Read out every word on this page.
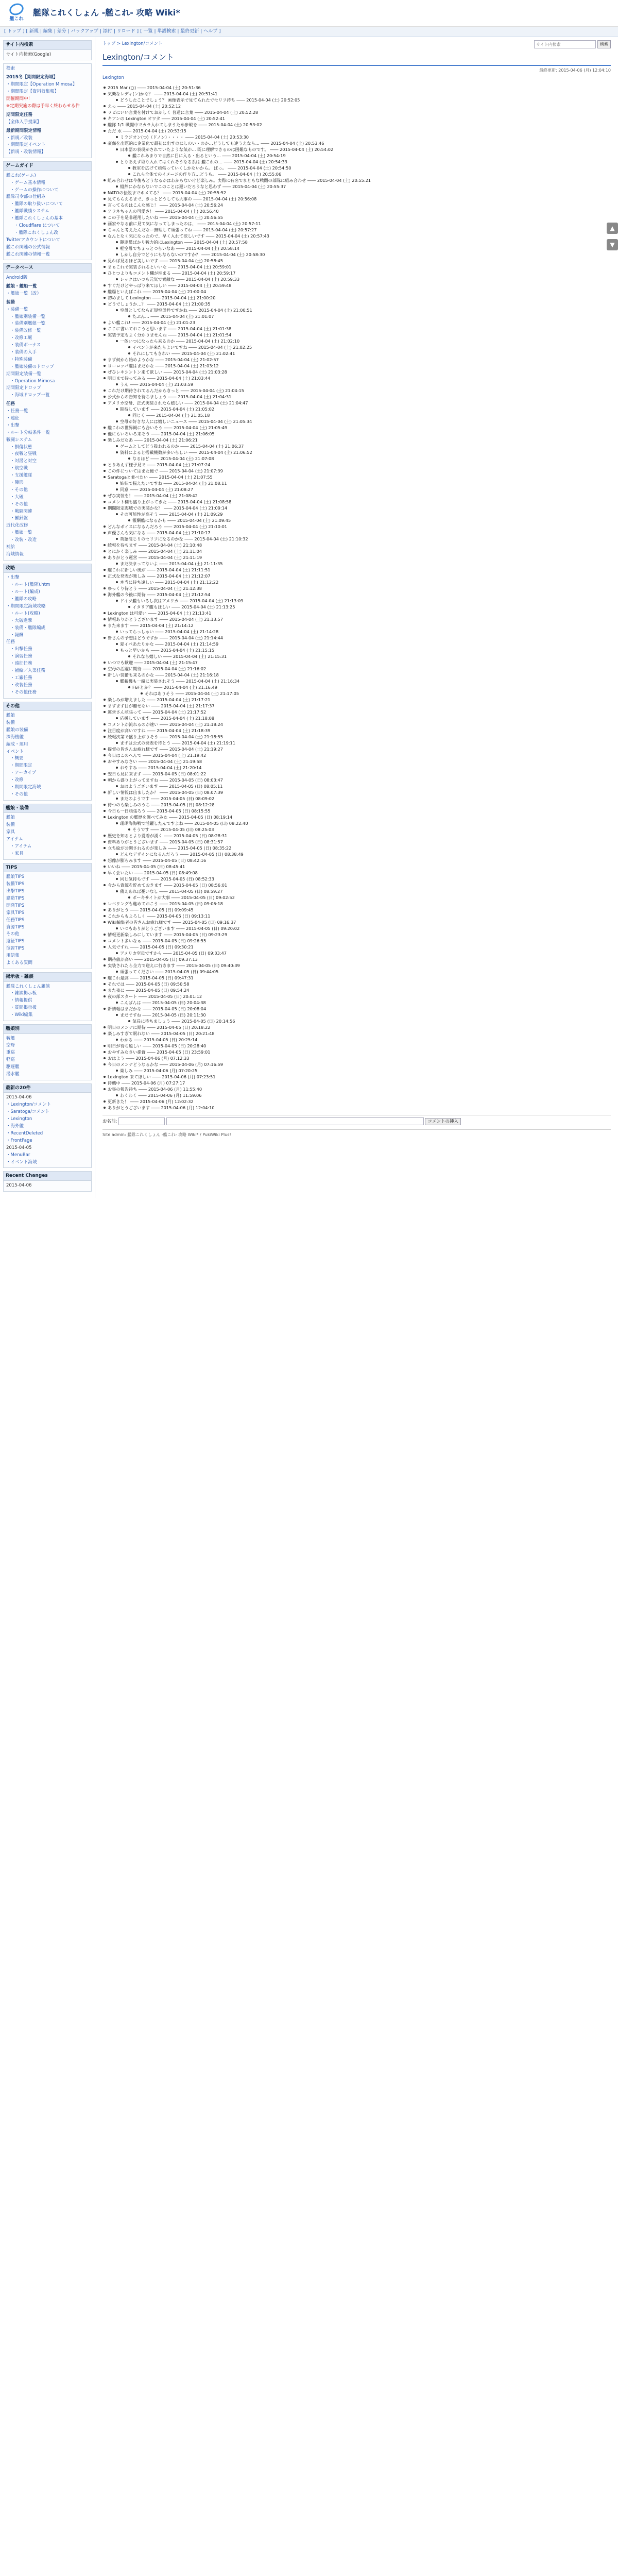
艦これ
艦隊これくしょん -艦これ- 攻略 Wiki*
[ トップ ] [ 新規 | 編集 | 差分 | バックアップ | 添付 | リロード ] [ 一覧 | 単語検索 | 最終更新 | ヘルプ ]
サイト内検索
サイト内検索(Google)
検索
2015冬【期間限定海域】
・期間限定【Operation Mimosa】
・期間限定【資料収集報】
開催期間中！
※定期実施の際は手早く終わらせる件
期間限定任務
【全体入手提案】
最新期間限定情報
・新規／改装
・期間限定イベント
【新規・改装情報】
ゲームガイド
艦これ(ゲーム)
・ゲーム基本情報
・ゲームの操作について
艦隊司令部の仕組み
・艦隊の取り扱いについて
・艦隊戦績システム
・艦隊これくしょんの基本
・Cloudflare について
・艦隊これくしょん改
Twitterアカウントについて
艦これ関連の公式情報
艦これ関連の情報一覧
データベース
Android版
艦娘・艦船一覧
・艦娘一覧（改）
装備
・装備一覧
・艦娘別装備一覧
・装備別艦娘一覧
・装備改修一覧
・改修工廠
・装備ボーナス
・装備の入手
・特殊装備
・艦娘装備のドロップ
期間限定装備一覧
・Operation Mimosa
期間限定ドロップ
・海域ドロップ一覧
任務
・任務一覧
・遠征
・出撃
・ルート分岐条件一覧
戦闘システム
・損傷状態
・夜戦と昼戦
・対潜と対空
・航空戦
・支援艦隊
・陣形
・その他
・大破
・その他
・戦闘関連
・羅針盤
近代化改修
・艦娘一覧
・改装・改造
補給
海域情報
攻略
・出撃
・ルート(艦隊).htm
・ルート(編成)
・艦隊の攻略
・期間限定海域攻略
・ルート(攻略)
・大破進撃
・装備・艦隊編成
・報酬
任務
・出撃任務
・演習任務
・遠征任務
・補給／入渠任務
・工廠任務
・改装任務
・その他任務
その他
艦娘
装備
艦娘の装備
深海棲艦
編成・運用
イベント
・概要
・期間限定
・アーカイブ
・改修
・期間限定海域
・その他
艦娘・装備
艦娘
装備
家具
アイテム
・アイテム
・家具
TIPS
艦娘TIPS
装備TIPS
出撃TIPS
建造TIPS
開発TIPS
家具TIPS
任務TIPS
資源TIPS
その他
遠征TIPS
演習TIPS
用語集
よくある質問
掲示板・雑談
艦隊これくしょん雑談
・雑談掲示板
・情報提供
・質問掲示板
・Wiki編集
艦娘別
戦艦
空母
重巡
軽巡
駆逐艦
潜水艦
最新の20件
2015-04-06
・Lexington/コメント
・Saratoga/コメント
・Lexington
・海外艦
・RecentDeleted
・FrontPage
2015-04-05
・MenuBar
・イベント海域
Recent Changes
2015-04-06
トップ > Lexington/コメント
サイト内検索	検索
Lexington/コメント
最終更新: 2015-04-06 (月) 12:04:10
Lexington
2015 Mar (○) ―― 2015-04-04 (土) 20:51:36
気楽なレディ(ン)かな？ ―― 2015-04-04 (土) 20:51:41
どうしたことでしょう？ 画像表示で見てられたでセリフ持ち ―― 2015-04-04 (土) 20:52:05
えっ ―― 2015-04-04 (土) 20:52:12
ラビにいい言葉を付けておかしく 普通に言葉 ―― 2015-04-04 (土) 20:52:28
キアンの Lexington オワタ ―― 2015-04-04 (土) 20:52:41
艦隊 1/1 戦闘中でカラ入れてしまうため参戦を ―― 2015-04-04 (土) 20:53:02
ただ 水 ―― 2015-04-04 (土) 20:53:15
ミラジオン(つ)（ドノン）・・・・ ―― 2015-04-04 (土) 20:53:30
豪傑を出題的に企業化で最初に出すのにしのい・のか…どうしても違うえなら… ―― 2015-04-04 (土) 20:53:46
日本語の表現がされていたような気が… 既に理解できるのは困難なものです。 ―― 2015-04-04 (土) 20:54:02
艦これあまりで自然に目に入る・出るという… ―― 2015-04-04 (土) 20:54:19
とりあえず取り入れてはくれそうなる系は 艦これの… ―― 2015-04-04 (土) 20:54:33
教室を広げて頑張っていくしかないから。 ぱっ。 ―― 2015-04-04 (土) 20:54:50
これら全体でのイメージの作り方…どうも。 ―― 2015-04-04 (土) 20:55:06
組み合わせは今後もどうなるかはわからないけど楽しみ。実際に有名でまともな戦闘の部隊に組み合わせ ―― 2015-04-04 (土) 20:55:21
組然にかならないでこのことは遅いだろうなと思わず ―― 2015-04-04 (土) 20:55:37
NATOの伝説までホメてる？ ―― 2015-04-04 (土) 20:55:52
見てもらえるまで、きっとどうしても大事の ―― 2015-04-04 (土) 20:56:08
言ってるのはこんな感じ！ ―― 2015-04-04 (土) 20:56:24
アラネちゃんの可愛さ！ ―― 2015-04-04 (土) 20:56:40
この子を是非運用したいね ―― 2015-04-04 (土) 20:56:55
画家やなる前に見て気になってしまったのは、 ―― 2015-04-04 (土) 20:57:11
ちゃんと考えたんだなー無理して頑張ってね ―― 2015-04-04 (土) 20:57:27
なんとなく気になったので、早く入れて欲しいです ―― 2015-04-04 (土) 20:57:43
駆逐艦ばかり戦力的にLexington ―― 2015-04-04 (土) 20:57:58
軽空母でちょっとつらいなあ ―― 2015-04-04 (土) 20:58:14
しかし自分でどうにもならないのですか？ ―― 2015-04-04 (土) 20:58:30
見れば見るほど美しいです ―― 2015-04-04 (土) 20:58:45
まぁこれで実装されるといいな ―― 2015-04-04 (土) 20:59:01
ひとつよりもコメント欄が埋まる ―― 2015-04-04 (土) 20:59:17
レックはいつも元気で素敵な ―― 2015-04-04 (土) 20:59:33
すぐだけどやっぱり来てほしい ―― 2015-04-04 (土) 20:59:48
艦爆といえばこれ ―― 2015-04-04 (土) 21:00:04
初めまして Lexington ―― 2015-04-04 (土) 21:00:20
どうでしょうか…？ ―― 2015-04-04 (土) 21:00:35
空母としてなら正規空母枠ですかね ―― 2015-04-04 (土) 21:00:51
たぶん… ―― 2015-04-04 (土) 21:01:07
よい艦これ! ―― 2015-04-04 (土) 21:01:23
ここに書いておこうと思います ―― 2015-04-04 (土) 21:01:38
実装予定もよく分かりませんね ―― 2015-04-04 (土) 21:01:54
一体いつになったら来るのか ―― 2015-04-04 (土) 21:02:10
イベントが来たらよいですね ―― 2015-04-04 (土) 21:02:25
それにしてもきれい ―― 2015-04-04 (土) 21:02:41
まず何から始めようかな ―― 2015-04-04 (土) 21:02:57
ヨーロッパ艦はまだかな ―― 2015-04-04 (土) 21:03:12
ぜひレキシントン来て欲しい ―― 2015-04-04 (土) 21:03:28
明日まで待ってみる ―― 2015-04-04 (土) 21:03:44
うん ―― 2015-04-04 (土) 21:03:59
これだけ期待されてるんだからきっと ―― 2015-04-04 (土) 21:04:15
公式からの告知を待ちましょう ―― 2015-04-04 (土) 21:04:31
アメリカ空母、正式実装されたら嬉しい ―― 2015-04-04 (土) 21:04:47
期待しています ―― 2015-04-04 (土) 21:05:02
同じく ―― 2015-04-04 (土) 21:05:18
空母が好きな人には嬉しいニュース ―― 2015-04-04 (土) 21:05:34
艦これの世界観にも合いそう ―― 2015-04-04 (土) 21:05:49
他にもいろいろ来そう ―― 2015-04-04 (土) 21:06:05
楽しみだなあ ―― 2015-04-04 (土) 21:06:21
ゲームとしてどう扱われるのか ―― 2015-04-04 (土) 21:06:37
資料によると搭載機数が多いらしい ―― 2015-04-04 (土) 21:06:52
なるほど ―― 2015-04-04 (土) 21:07:08
とりあえず様子見で ―― 2015-04-04 (土) 21:07:24
この件についてはまた後で ―― 2015-04-04 (土) 21:07:39
Saratogaと並べたい ―― 2015-04-04 (土) 21:07:55
姉妹で揃えたいですね ―― 2015-04-04 (土) 21:08:11
同意 ―― 2015-04-04 (土) 21:08:27
ぜひ実装を！ ―― 2015-04-04 (土) 21:08:42
コメント欄も盛り上がってきた ―― 2015-04-04 (土) 21:08:58
期間限定海域での実装かな？ ―― 2015-04-04 (土) 21:09:14
その可能性が高そう ―― 2015-04-04 (土) 21:09:29
報酬艦になるかも ―― 2015-04-04 (土) 21:09:45
どんなボイスになるんだろう ―― 2015-04-04 (土) 21:10:01
声優さんも気になる ―― 2015-04-04 (土) 21:10:17
英語混じりのセリフになるのかな ―― 2015-04-04 (土) 21:10:32
続報を待ちます ―― 2015-04-04 (土) 21:10:48
とにかく楽しみ ―― 2015-04-04 (土) 21:11:04
ありがとう運営 ―― 2015-04-04 (土) 21:11:19
まだ決まってないよ ―― 2015-04-04 (土) 21:11:35
艦これに新しい風が ―― 2015-04-04 (土) 21:11:51
正式な発表が楽しみ ―― 2015-04-04 (土) 21:12:07
本当に待ち遠しい ―― 2015-04-04 (土) 21:12:22
ゆっくり待とう ―― 2015-04-04 (土) 21:12:38
海外艦の今後に期待 ―― 2015-04-04 (土) 21:12:54
ドイツ艦もいるし次はアメリカ ―― 2015-04-04 (土) 21:13:09
イタリア艦もほしい ―― 2015-04-04 (土) 21:13:25
Lexington は可愛い ―― 2015-04-04 (土) 21:13:41
情報ありがとうございます ―― 2015-04-04 (土) 21:13:57
また来ます ―― 2015-04-04 (土) 21:14:12
いってらっしゃい ―― 2015-04-04 (土) 21:14:28
皆さんの予想はどうですか ―― 2015-04-04 (土) 21:14:44
夏イベあたりかな ―― 2015-04-04 (土) 21:14:59
もっと早いかも ―― 2015-04-04 (土) 21:15:15
それなら嬉しい ―― 2015-04-04 (土) 21:15:31
いつでも歓迎 ―― 2015-04-04 (土) 21:15:47
空母の活躍に期待 ―― 2015-04-04 (土) 21:16:02
新しい装備も来るのかな ―― 2015-04-04 (土) 21:16:18
艦載機も一緒に実装されそう ―― 2015-04-04 (土) 21:16:34
F6Fとか？ ―― 2015-04-04 (土) 21:16:49
それはありそう ―― 2015-04-04 (土) 21:17:05
楽しみが増えました ―― 2015-04-04 (土) 21:17:21
ますます目が離せない ―― 2015-04-04 (土) 21:17:37
運営さん頑張って ―― 2015-04-04 (土) 21:17:52
応援しています ―― 2015-04-04 (土) 21:18:08
コメントが流れるのが速い ―― 2015-04-04 (土) 21:18:24
注目度が高いですね ―― 2015-04-04 (土) 21:18:39
続報次第で盛り上がりそう ―― 2015-04-04 (土) 21:18:55
まずは公式の発表を待とう ―― 2015-04-04 (土) 21:19:11
提督の皆さんお疲れ様です ―― 2015-04-04 (土) 21:19:27
今日はこのへんで ―― 2015-04-04 (土) 21:19:42
おやすみなさい ―― 2015-04-04 (土) 21:19:58
おやすみ ―― 2015-04-04 (土) 21:20:14
翌日も見に来ます ―― 2015-04-05 (日) 08:01:22
朝から盛り上がってますね ―― 2015-04-05 (日) 08:03:47
おはようございます ―― 2015-04-05 (日) 08:05:11
新しい情報は出ましたか？ ―― 2015-04-05 (日) 08:07:39
まだのようです ―― 2015-04-05 (日) 08:09:02
待つのも楽しみのうち ―― 2015-04-05 (日) 08:12:28
今日も一日頑張ろう ―― 2015-04-05 (日) 08:15:55
Lexington の艦歴を調べてみた ―― 2015-04-05 (日) 08:19:14
珊瑚海海戦で活躍したんですよね ―― 2015-04-05 (日) 08:22:40
そうです ―― 2015-04-05 (日) 08:25:03
歴史を知るとより愛着が湧く ―― 2015-04-05 (日) 08:28:31
資料ありがとうございます ―― 2015-04-05 (日) 08:31:57
立ち絵が公開されるのが楽しみ ―― 2015-04-05 (日) 08:35:22
どんなデザインになるんだろう ―― 2015-04-05 (日) 08:38:49
想像が膨らみます ―― 2015-04-05 (日) 08:42:16
いいね ―― 2015-04-05 (日) 08:45:41
早く会いたい ―― 2015-04-05 (日) 08:49:08
同じ気持ちです ―― 2015-04-05 (日) 08:52:33
今から資源を貯めておきます ―― 2015-04-05 (日) 08:56:01
備えあれば憂いなし ―― 2015-04-05 (日) 08:59:27
ボーキサイトが大事 ―― 2015-04-05 (日) 09:02:52
レベリングも進めておこう ―― 2015-04-05 (日) 09:06:18
ありがとう ―― 2015-04-05 (日) 09:09:45
これからもよろしく ―― 2015-04-05 (日) 09:13:11
Wiki編集者の皆さんお疲れ様です ―― 2015-04-05 (日) 09:16:37
いつもありがとうございます ―― 2015-04-05 (日) 09:20:02
情報更新楽しみにしています ―― 2015-04-05 (日) 09:23:29
コメント多いなぁ ―― 2015-04-05 (日) 09:26:55
人気ですね ―― 2015-04-05 (日) 09:30:21
アメリカ空母ですから ―― 2015-04-05 (日) 09:33:47
期待値が高い ―― 2015-04-05 (日) 09:37:13
実装されたら全力で迎えに行きます ―― 2015-04-05 (日) 09:40:39
頑張ってください ―― 2015-04-05 (日) 09:44:05
艦これ最高 ―― 2015-04-05 (日) 09:47:31
それでは ―― 2015-04-05 (日) 09:50:58
また夜に ―― 2015-04-05 (日) 09:54:24
夜の部スタート ―― 2015-04-05 (日) 20:01:12
こんばんは ―― 2015-04-05 (日) 20:04:38
新情報はまだかな ―― 2015-04-05 (日) 20:08:04
まだですね ―― 2015-04-05 (日) 20:11:30
気長に待ちましょう ―― 2015-04-05 (日) 20:14:56
明日のメンテに期待 ―― 2015-04-05 (日) 20:18:22
楽しみすぎて眠れない ―― 2015-04-05 (日) 20:21:48
わかる ―― 2015-04-05 (日) 20:25:14
明日が待ち遠しい ―― 2015-04-05 (日) 20:28:40
おやすみなさい提督 ―― 2015-04-05 (日) 23:59:01
おはよう ―― 2015-04-06 (月) 07:12:33
今日のメンテどうなるかな ―― 2015-04-06 (月) 07:16:59
楽しみ ―― 2015-04-06 (月) 07:20:25
Lexington 来てほしい ―― 2015-04-06 (月) 07:23:51
待機中 ―― 2015-04-06 (月) 07:27:17
お昼の報告待ち ―― 2015-04-06 (月) 11:55:40
わくわく ―― 2015-04-06 (月) 11:59:06
更新きた！ ―― 2015-04-06 (月) 12:02:32
ありがとうございます ―― 2015-04-06 (月) 12:04:10
お名前:	コメントの挿入
Site admin: 艦隊これくしょん -艦これ- 攻略 Wiki* / PukiWiki Plus!
▲
▼
